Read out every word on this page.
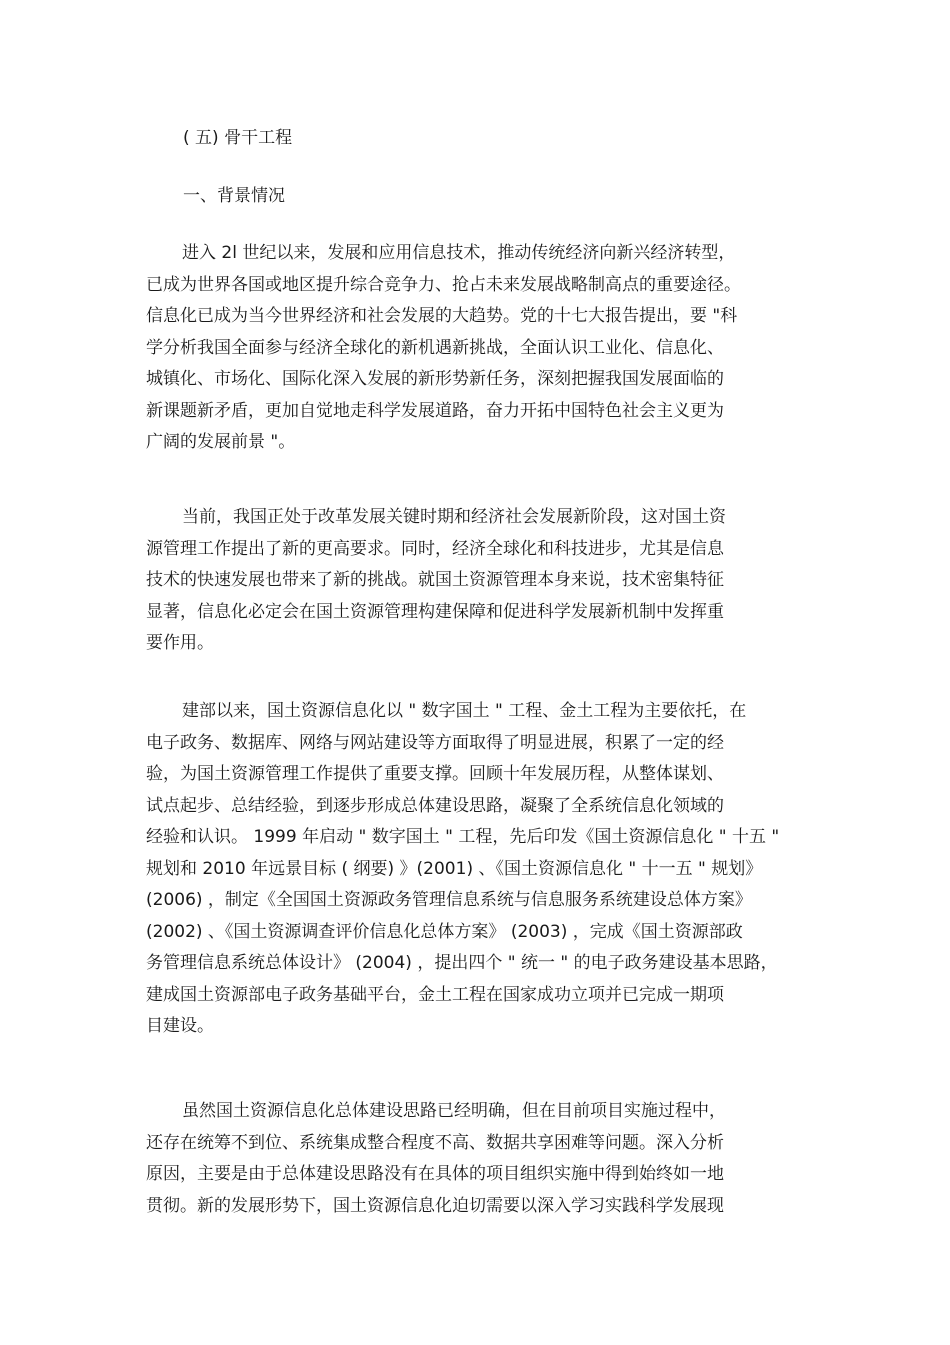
( 五) 骨干工程
一、背景情况
进入 2l 世纪以来，发展和应用信息技术，推动传统经济向新兴经济转型，
已成为世界各国或地区提升综合竞争力、抢占未来发展战略制高点的重要途径。
信息化已成为当今世界经济和社会发展的大趋势。党的十七大报告提出，要 "科
学分析我国全面参与经济全球化的新机遇新挑战，全面认识工业化、信息化、
城镇化、市场化、国际化深入发展的新形势新任务，深刻把握我国发展面临的
新课题新矛盾，更加自觉地走科学发展道路，奋力开拓中国特色社会主义更为
广阔的发展前景 "。
当前，我国正处于改革发展关键时期和经济社会发展新阶段，这对国土资
源管理工作提出了新的更高要求。同时，经济全球化和科技进步，尤其是信息
技术的快速发展也带来了新的挑战。就国土资源管理本身来说，技术密集特征
显著，信息化必定会在国土资源管理构建保障和促进科学发展新机制中发挥重
要作用。
建部以来，国土资源信息化以 " 数字国土 " 工程、金土工程为主要依托，在
电子政务、数据库、网络与网站建设等方面取得了明显进展，积累了一定的经
验，为国土资源管理工作提供了重要支撑。回顾十年发展历程，从整体谋划、
试点起步、总结经验，到逐步形成总体建设思路，凝聚了全系统信息化领域的
经验和认识。 1999 年启动 " 数字国土 " 工程，先后印发《国土资源信息化 " 十五 "
规划和 2010 年远景目标 ( 纲要) 》(2001) 、《国土资源信息化 " 十一五 " 规划》
(2006) ，制定《全国国土资源政务管理信息系统与信息服务系统建设总体方案》
(2002) 、《国土资源调查评价信息化总体方案》 (2003) ，完成《国土资源部政
务管理信息系统总体设计》 (2004) ，提出四个 " 统一 " 的电子政务建设基本思路，
建成国土资源部电子政务基础平台，金土工程在国家成功立项并已完成一期项
目建设。
虽然国土资源信息化总体建设思路已经明确，但在目前项目实施过程中，
还存在统筹不到位、系统集成整合程度不高、数据共享困难等问题。深入分析
原因，主要是由于总体建设思路没有在具体的项目组织实施中得到始终如一地
贯彻。新的发展形势下，国土资源信息化迫切需要以深入学习实践科学发展现
